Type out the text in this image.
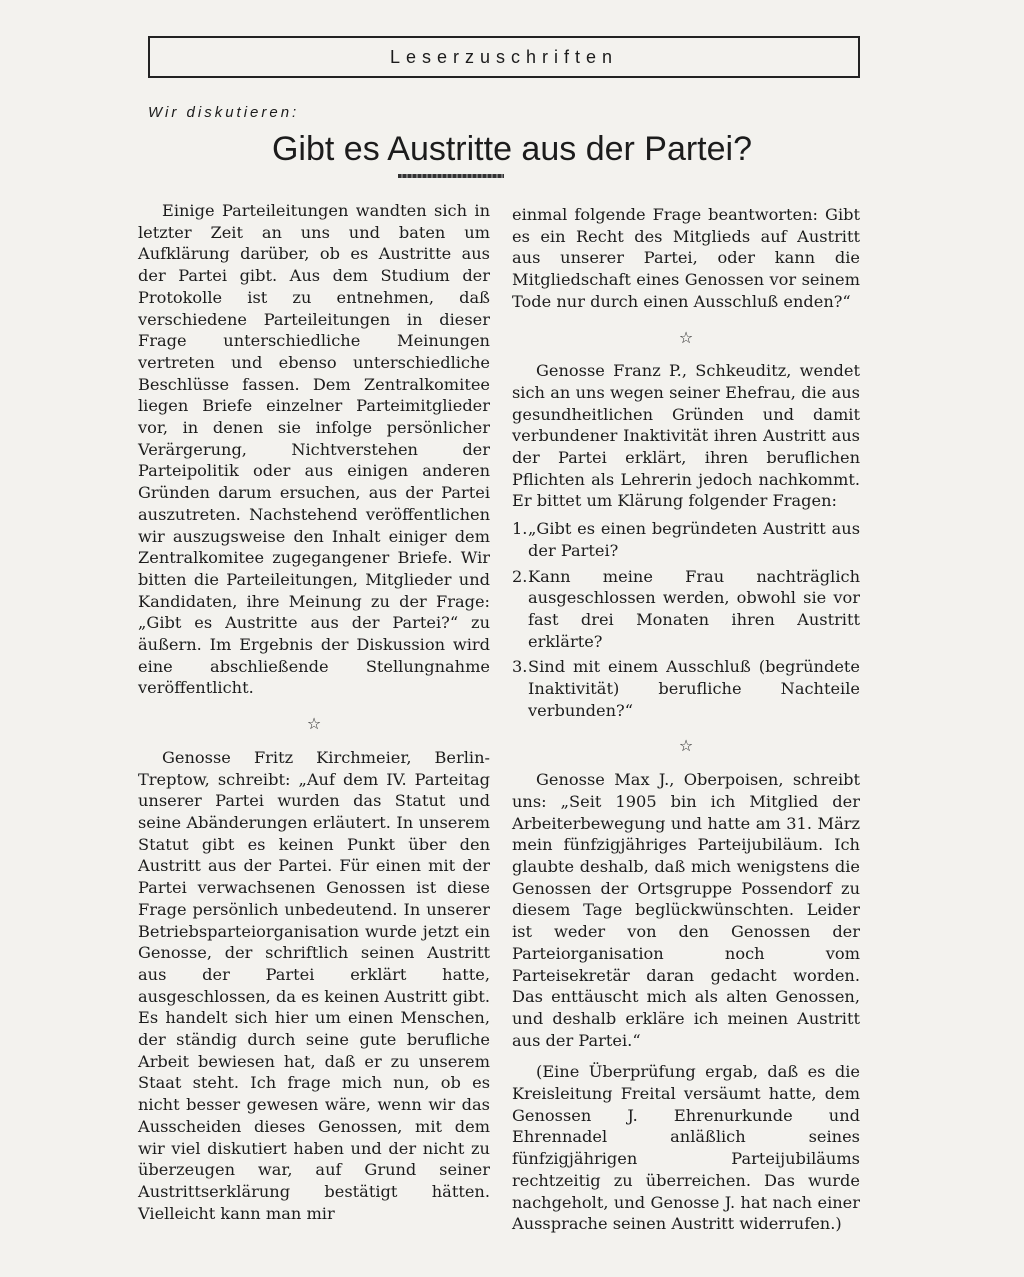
Leserzuschriften
Wir diskutieren:
Gibt es Austritte aus der Partei?

Einige Parteileitungen wandten sich in letzter Zeit an uns und baten um Aufklärung darüber, ob es Austritte aus der Partei gibt. Aus dem Studium der Protokolle ist zu entnehmen, daß verschiedene Parteileitungen in dieser Frage unterschiedliche Meinungen vertreten und ebenso unterschiedliche Beschlüsse fassen. Dem Zentralkomitee liegen Briefe einzelner Parteimitglieder vor, in denen sie infolge persönlicher Verärgerung, Nichtverstehen der Parteipolitik oder aus einigen anderen Gründen darum ersuchen, aus der Partei auszutreten. Nachstehend veröffentlichen wir auszugsweise den Inhalt einiger dem Zentralkomitee zugegangener Briefe. Wir bitten die Parteileitungen, Mitglieder und Kandidaten, ihre Meinung zu der Frage: „Gibt es Austritte aus der Partei?“ zu äußern. Im Ergebnis der Diskussion wird eine abschließende Stellungnahme veröffentlicht.

☆

Genosse Fritz Kirchmeier, Berlin-Treptow, schreibt: „Auf dem IV. Parteitag unserer Partei wurden das Statut und seine Abänderungen erläutert. In unserem Statut gibt es keinen Punkt über den Austritt aus der Partei. Für einen mit der Partei verwachsenen Genossen ist diese Frage persönlich unbedeutend. In unserer Betriebsparteiorganisation wurde jetzt ein Genosse, der schriftlich seinen Austritt aus der Partei erklärt hatte, ausgeschlossen, da es keinen Austritt gibt. Es handelt sich hier um einen Menschen, der ständig durch seine gute berufliche Arbeit bewiesen hat, daß er zu unserem Staat steht. Ich frage mich nun, ob es nicht besser gewesen wäre, wenn wir das Ausscheiden dieses Genossen, mit dem wir viel diskutiert haben und der nicht zu überzeugen war, auf Grund seiner Austrittserklärung bestätigt hätten. Vielleicht kann man mir

einmal folgende Frage beantworten: Gibt es ein Recht des Mitglieds auf Austritt aus unserer Partei, oder kann die Mitgliedschaft eines Genossen vor seinem Tode nur durch einen Ausschluß enden?“

☆

Genosse Franz P., Schkeuditz, wendet sich an uns wegen seiner Ehefrau, die aus gesundheitlichen Gründen und damit verbundener Inaktivität ihren Austritt aus der Partei erklärt, ihren beruflichen Pflichten als Lehrerin jedoch nachkommt. Er bittet um Klärung folgender Fragen:

1. „Gibt es einen begründeten Austritt aus der Partei?
2. Kann meine Frau nachträglich ausgeschlossen werden, obwohl sie vor fast drei Monaten ihren Austritt erklärte?
3. Sind mit einem Ausschluß (begründete Inaktivität) berufliche Nachteile verbunden?“
☆

Genosse Max J., Oberpoisen, schreibt uns: „Seit 1905 bin ich Mitglied der Arbeiterbewegung und hatte am 31. März mein fünfzigjähriges Parteijubiläum. Ich glaubte deshalb, daß mich wenigstens die Genossen der Ortsgruppe Possendorf zu diesem Tage beglückwünschten. Leider ist weder von den Genossen der Parteiorganisation noch vom Parteisekretär daran gedacht worden. Das enttäuscht mich als alten Genossen, und deshalb erkläre ich meinen Austritt aus der Partei.“

(Eine Überprüfung ergab, daß es die Kreisleitung Freital versäumt hatte, dem Genossen J. Ehrenurkunde und Ehrennadel anläßlich seines fünfzigjährigen Parteijubiläums rechtzeitig zu überreichen. Das wurde nachgeholt, und Genosse J. hat nach einer Aussprache seinen Austritt widerrufen.)
